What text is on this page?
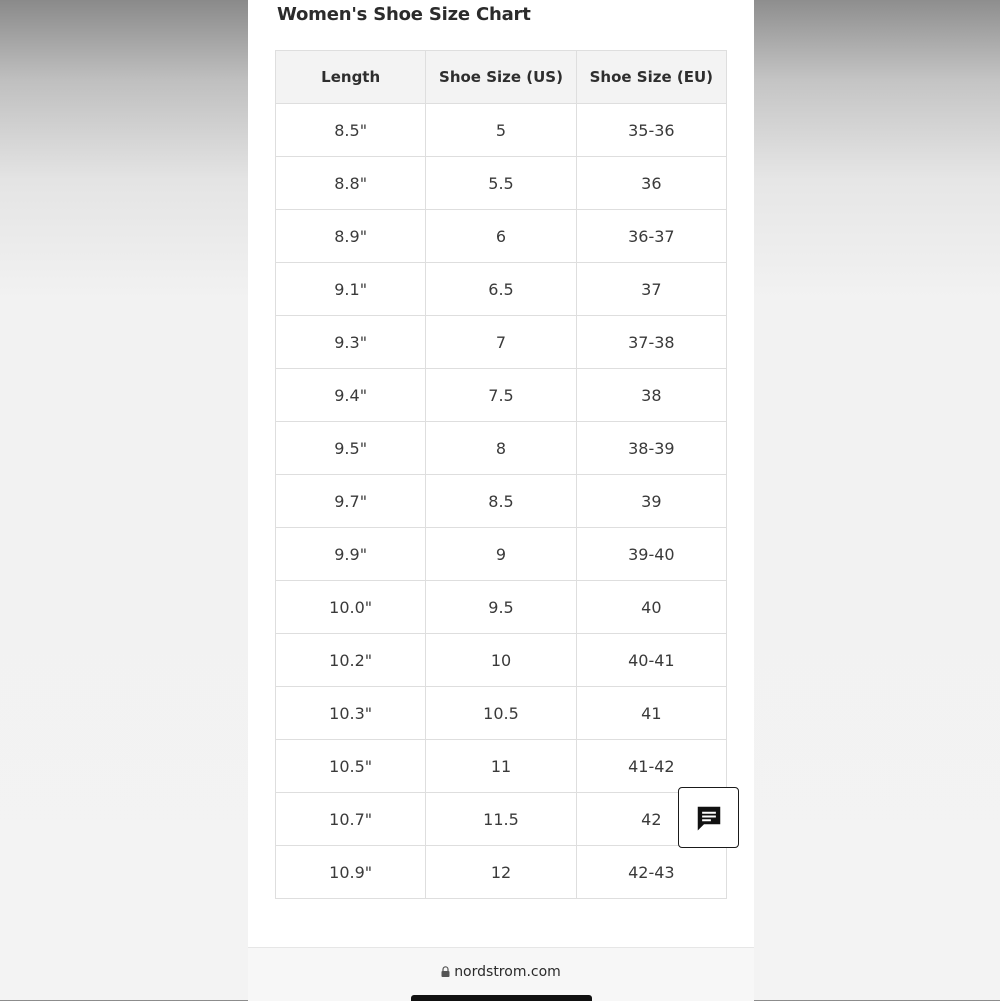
Women's Shoe Size Chart
Length	Shoe Size (US)	Shoe Size (EU)
8.5"	5	35-36
8.8"	5.5	36
8.9"	6	36-37
9.1"	6.5	37
9.3"	7	37-38
9.4"	7.5	38
9.5"	8	38-39
9.7"	8.5	39
9.9"	9	39-40
10.0"	9.5	40
10.2"	10	40-41
10.3"	10.5	41
10.5"	11	41-42
10.7"	11.5	42
10.9"	12	42-43
nordstrom.com
